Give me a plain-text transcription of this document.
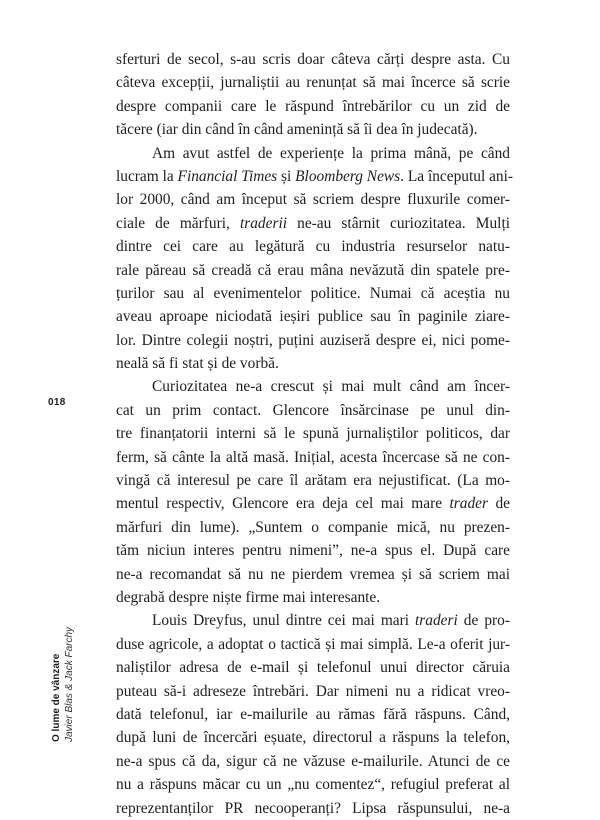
018
O lume de vânzare Javier Blas & Jack Farchy
sferturi de secol, s-au scris doar câteva cărți despre asta. Cu
câteva excepții, jurnaliștii au renunțat să mai încerce să scrie
despre companii care le răspund întrebărilor cu un zid de
tăcere (iar din când în când amenință să îi dea în judecată).
Am avut astfel de experiențe la prima mână, pe când
lucram la Financial Times și Bloomberg News. La începutul ani-
lor 2000, când am început să scriem despre fluxurile comer-
ciale de mărfuri, traderii ne-au stârnit curiozitatea. Mulți
dintre cei care au legătură cu industria resurselor natu-
rale păreau să creadă că erau mâna nevăzută din spatele pre-
țurilor sau al evenimentelor politice. Numai că aceștia nu
aveau aproape niciodată ieșiri publice sau în paginile ziare-
lor. Dintre colegii noștri, puțini auziseră despre ei, nici pome-
neală să fi stat și de vorbă.
Curiozitatea ne-a crescut și mai mult când am încer-
cat un prim contact. Glencore însărcinase pe unul din-
tre finanțatorii interni să le spună jurnaliștilor politicos, dar
ferm, să cânte la altă masă. Inițial, acesta încercase să ne con-
vingă că interesul pe care îl arătam era nejustificat. (La mo-
mentul respectiv, Glencore era deja cel mai mare trader de
mărfuri din lume). „Suntem o companie mică, nu prezen-
tăm niciun interes pentru nimeni”, ne-a spus el. După care
ne-a recomandat să nu ne pierdem vremea și să scriem mai
degrabă despre niște firme mai interesante.
Louis Dreyfus, unul dintre cei mai mari traderi de pro-
duse agricole, a adoptat o tactică și mai simplă. Le-a oferit jur-
naliștilor adresa de e-mail și telefonul unui director căruia
puteau să-i adreseze întrebări. Dar nimeni nu a ridicat vreo-
dată telefonul, iar e-mailurile au rămas fără răspuns. Când,
după luni de încercări eșuate, directorul a răspuns la telefon,
ne-a spus că da, sigur că ne văzuse e-mailurile. Atunci de ce
nu a răspuns măcar cu un „nu comentez“, refugiul preferat al
reprezentanților PR necooperanți? Lipsa răspunsului, ne-a
